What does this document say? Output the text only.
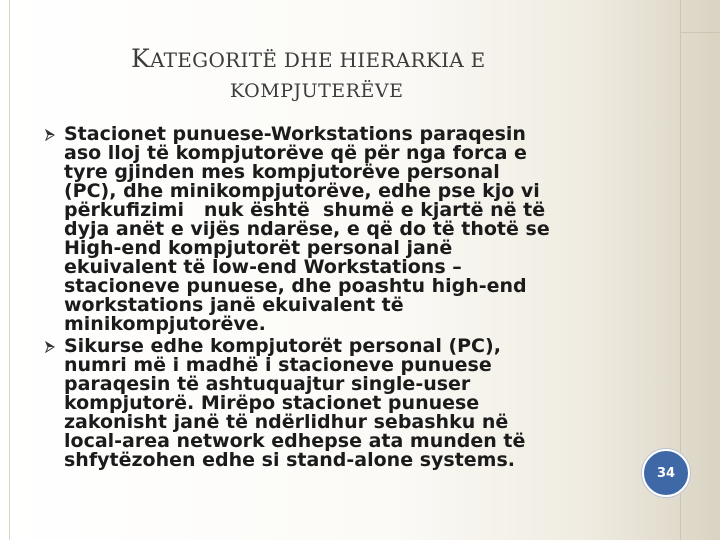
KATEGORITË DHE HIERARKIA E
KOMPJUTERËVE
Stacionet punuese-Workstations paraqesin
aso lloj të kompjutorëve që për nga forca e
tyre gjinden mes kompjutorëve personal
(PC), dhe minikompjutorëve, edhe pse kjo vi
përkufizimi   nuk është  shumë e kjartë në të
dyja anët e vijës ndarëse, e që do të thotë se
High-end kompjutorët personal janë
ekuivalent të low-end Workstations –
stacioneve punuese, dhe poashtu high-end
workstations janë ekuivalent të
minikompjutorëve.
Sikurse edhe kompjutorët personal (PC),
numri më i madhë i stacioneve punuese
paraqesin të ashtuquajtur single-user
kompjutorë. Mirëpo stacionet punuese
zakonisht janë të ndërlidhur sebashku në
local-area network edhepse ata munden të
shfytëzohen edhe si stand-alone systems.
34
